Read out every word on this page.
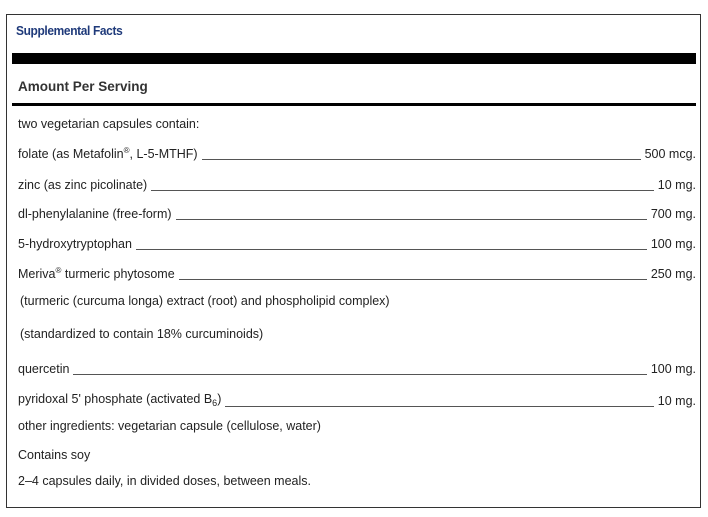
Supplemental Facts
Amount Per Serving
two vegetarian capsules contain:
folate (as Metafolin®, L-5-MTHF)	500 mcg.
zinc (as zinc picolinate)	10 mg.
dl-phenylalanine (free-form)	700 mg.
5-hydroxytryptophan	100 mg.
Meriva® turmeric phytosome	250 mg.
(turmeric (curcuma longa) extract (root) and phospholipid complex)
(standardized to contain 18% curcuminoids)
quercetin	100 mg.
pyridoxal 5' phosphate (activated $B_6$)	10 mg.
other ingredients: vegetarian capsule (cellulose, water)
Contains soy
2–4 capsules daily, in divided doses, between meals.
